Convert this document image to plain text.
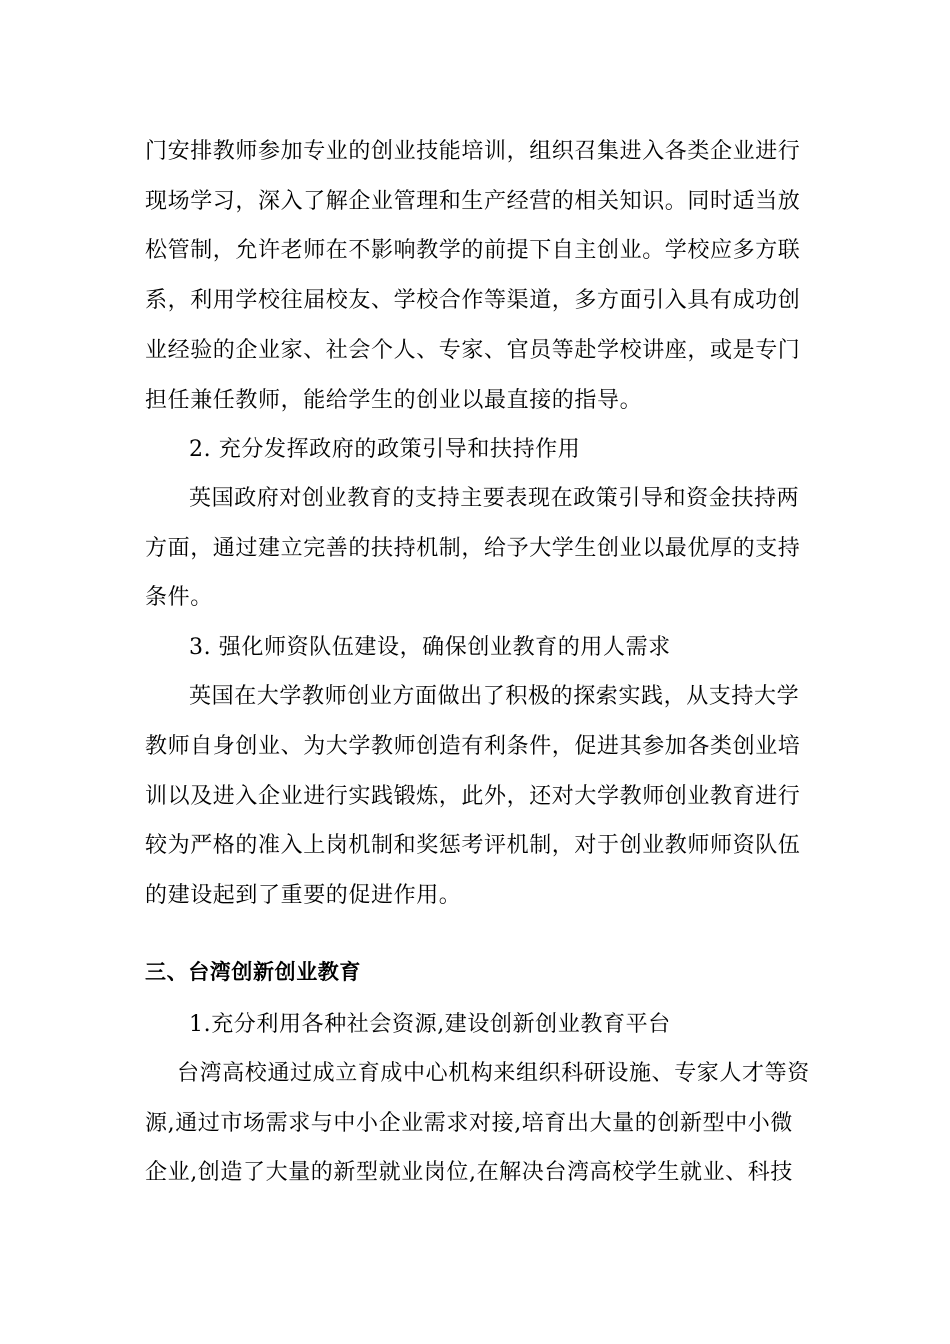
门安排教师参加专业的创业技能培训，组织召集进入各类企业进行
现场学习，深入了解企业管理和生产经营的相关知识。同时适当放
松管制，允许老师在不影响教学的前提下自主创业。学校应多方联
系，利用学校往届校友、学校合作等渠道，多方面引入具有成功创
业经验的企业家、社会个人、专家、官员等赴学校讲座，或是专门
担任兼任教师，能给学生的创业以最直接的指导。
2. 充分发挥政府的政策引导和扶持作用
英国政府对创业教育的支持主要表现在政策引导和资金扶持两
方面，通过建立完善的扶持机制，给予大学生创业以最优厚的支持
条件。
3. 强化师资队伍建设，确保创业教育的用人需求
英国在大学教师创业方面做出了积极的探索实践，从支持大学
教师自身创业、为大学教师创造有利条件，促进其参加各类创业培
训以及进入企业进行实践锻炼，此外，还对大学教师创业教育进行
较为严格的准入上岗机制和奖惩考评机制，对于创业教师师资队伍
的建设起到了重要的促进作用。
三、台湾创新创业教育
1.充分利用各种社会资源,建设创新创业教育平台
台湾高校通过成立育成中心机构来组织科研设施、专家人才等资
源,通过市场需求与中小企业需求对接,培育出大量的创新型中小微
企业,创造了大量的新型就业岗位,在解决台湾高校学生就业、科技
